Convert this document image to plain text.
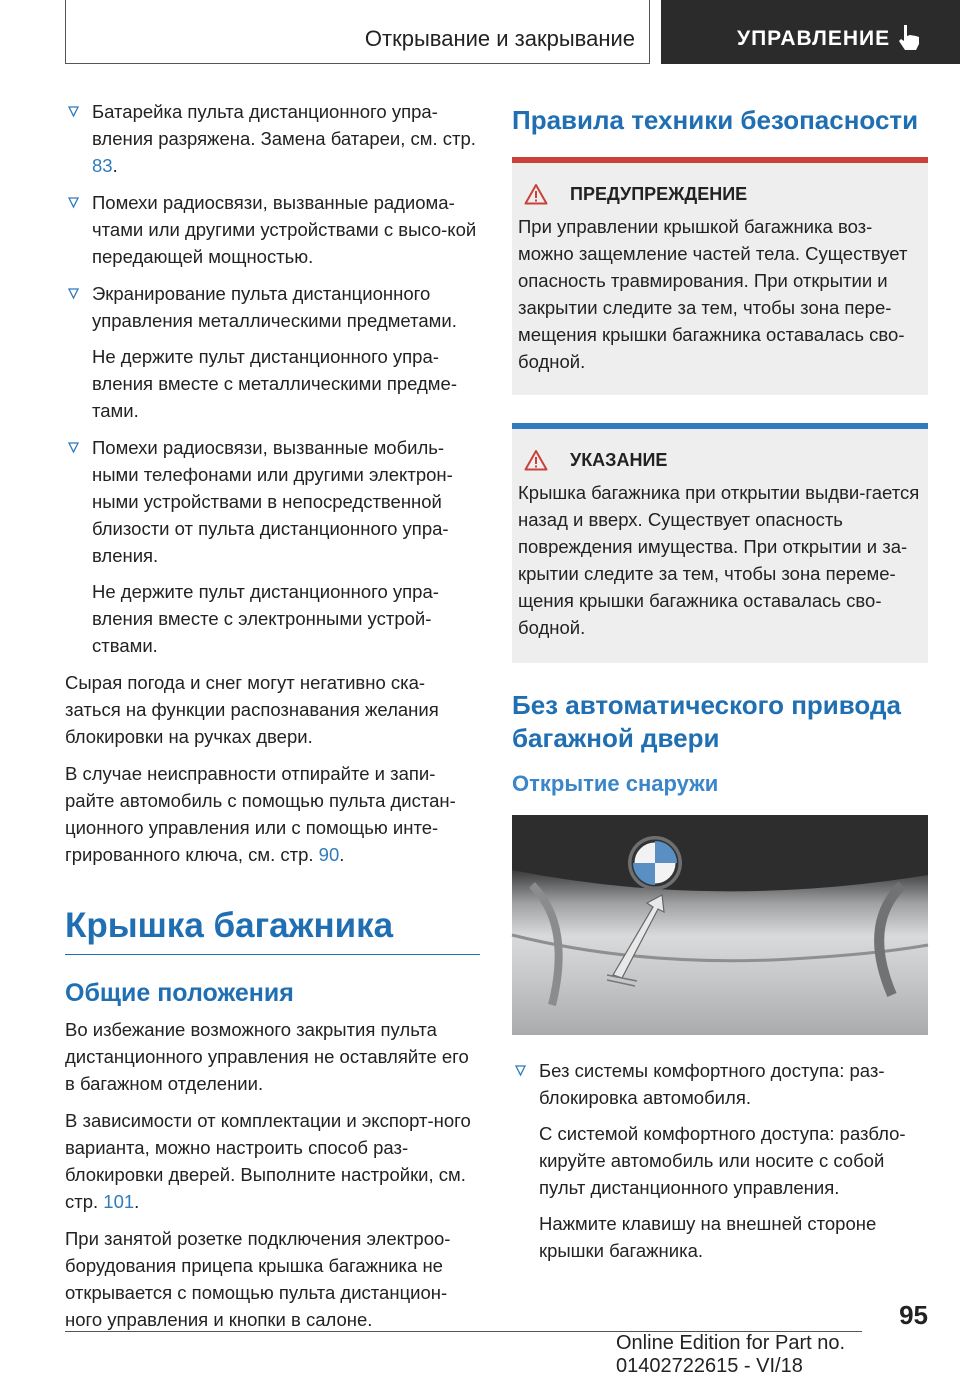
Открывание и закрывание	УПРАВЛЕНИЕ

Батарейка пульта дистанционного упра-вления разряжена. Замена батареи, см. стр. 83.

Помехи радиосвязи, вызванные радиома-чтами или другими устройствами с высо-кой передающей мощностью.

Экранирование пульта дистанционного управления металлическими предметами.

Не держите пульт дистанционного упра-вления вместе с металлическими предме-тами.

Помехи радиосвязи, вызванные мобиль-ными телефонами или другими электрон-ными устройствами в непосредственной близости от пульта дистанционного упра-вления.

Не держите пульт дистанционного упра-вления вместе с электронными устрой-ствами.

Сырая погода и снег могут негативно ска-заться на функции распознавания желания блокировки на ручках двери.

В случае неисправности отпирайте и запи-райте автомобиль с помощью пульта дистан-ционного управления или с помощью инте-грированного ключа, см. стр. 90.

Крышка багажника
Общие положения

Во избежание возможного закрытия пульта дистанционного управления не оставляйте его в багажном отделении.

В зависимости от комплектации и экспорт-ного варианта, можно настроить способ раз-блокировки дверей. Выполните настройки, см. стр. 101.

При занятой розетке подключения электроо-борудования прицепа крышка багажника не открывается с помощью пульта дистанцион-ного управления и кнопки в салоне.

Правила техники безопасности
ПРЕДУПРЕЖДЕНИЕ

При управлении крышкой багажника воз-можно защемление частей тела. Существует опасность травмирования. При открытии и закрытии следите за тем, чтобы зона пере-мещения крышки багажника оставалась сво-бодной.

УКАЗАНИЕ

Крышка багажника при открытии выдви-гается назад и вверх. Существует опасность повреждения имущества. При открытии и за-крытии следите за тем, чтобы зона переме-щения крышки багажника оставалась сво-бодной.

Без автоматического привода багажной двери
Открытие снаружи

Без системы комфортного доступа: раз-блокировка автомобиля.

С системой комфортного доступа: разбло-кируйте автомобиль или носите с собой пульт дистанционного управления.

Нажмите клавишу на внешней стороне крышки багажника.

95
Online Edition for Part no. 01402722615 - VI/18
